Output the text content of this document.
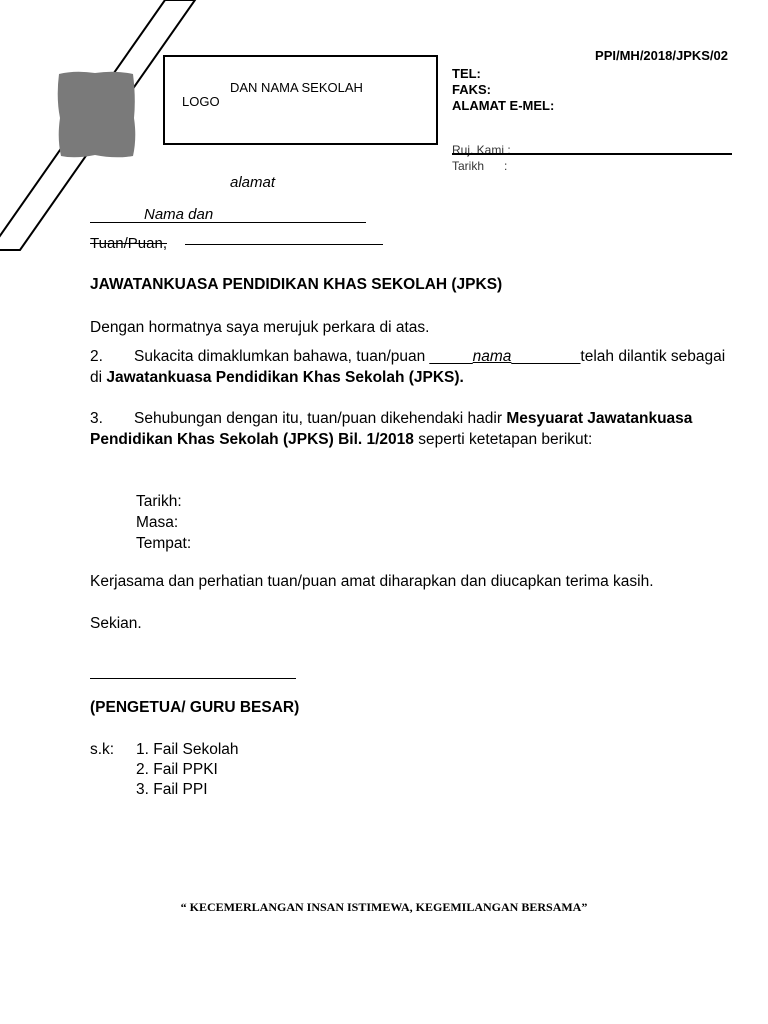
LOGO
DAN NAMA SEKOLAH
PPI/MH/2018/JPKS/02
TEL:
FAKS:
ALAMAT E-MEL:
Ruj. Kami :
Tarikh      :
alamat
Nama dan
Tuan/Puan,
JAWATANKUASA PENDIDIKAN KHAS SEKOLAH (JPKS)
Dengan hormatnya saya merujuk perkara di atas.
2. Sukacita dimaklumkan bahawa, tuan/puan _____nama________telah dilantik sebagai di Jawatankuasa Pendidikan Khas Sekolah (JPKS).
3. Sehubungan dengan itu, tuan/puan dikehendaki hadir Mesyuarat Jawatankuasa Pendidikan Khas Sekolah (JPKS) Bil. 1/2018 seperti ketetapan berikut:
Tarikh:
Masa:
Tempat:
Kerjasama dan perhatian tuan/puan amat diharapkan dan diucapkan terima kasih.
Sekian.
(PENGETUA/ GURU BESAR)
s.k:	1. Fail Sekolah
2. Fail PPKI
3. Fail PPI
“ KECEMERLANGAN INSAN ISTIMEWA, KEGEMILANGAN BERSAMA”
